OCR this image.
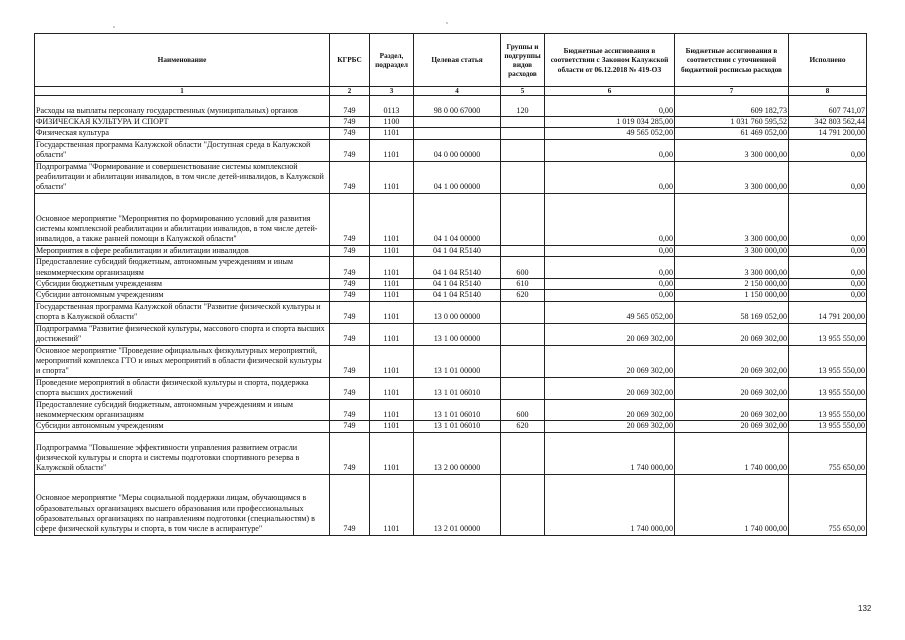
Наименование	КГРБС	Раздел, подраздел	Целевая статья	Группы и подгруппы видов расходов	Бюджетные ассигнования в соответствии с Законом Калужской области от 06.12.2018 № 419-ОЗ	Бюджетные ассигнования в соответствии с уточненной бюджетной росписью расходов	Исполнено
1	2	3	4	5	6	7	8
Расходы на выплаты персоналу государственных (муниципальных) органов	749	0113	98 0 00 67000	120	0,00	609 182,73	607 741,07
ФИЗИЧЕСКАЯ КУЛЬТУРА И СПОРТ	749	1100			1 019 034 285,00	1 031 760 595,52	342 803 562,44
Физическая культура	749	1101			49 565 052,00	61 469 052,00	14 791 200,00
Государственная программа Калужской области "Доступная среда в Калужской области"	749	1101	04 0 00 00000		0,00	3 300 000,00	0,00
Подпрограмма "Формирование и совершенствование системы комплексной реабилитации и абилитации инвалидов, в том числе детей-инвалидов, в Калужской области"	749	1101	04 1 00 00000		0,00	3 300 000,00	0,00
Основное мероприятие "Мероприятия по формированию условий для развития системы комплексной реабилитации и абилитации инвалидов, в том числе детей-инвалидов, а также ранней помощи в Калужской области"	749	1101	04 1 04 00000		0,00	3 300 000,00	0,00
Мероприятия в сфере реабилитации и абилитации инвалидов	749	1101	04 1 04 R5140		0,00	3 300 000,00	0,00
Предоставление субсидий бюджетным, автономным учреждениям и иным некоммерческим организациям	749	1101	04 1 04 R5140	600	0,00	3 300 000,00	0,00
Субсидии бюджетным учреждениям	749	1101	04 1 04 R5140	610	0,00	2 150 000,00	0,00
Субсидии автономным учреждениям	749	1101	04 1 04 R5140	620	0,00	1 150 000,00	0,00
Государственная программа Калужской области "Развитие физической культуры и спорта в Калужской области"	749	1101	13 0 00 00000		49 565 052,00	58 169 052,00	14 791 200,00
Подпрограмма "Развитие физической культуры, массового спорта и спорта высших достижений"	749	1101	13 1 00 00000		20 069 302,00	20 069 302,00	13 955 550,00
Основное мероприятие "Проведение официальных физкультурных мероприятий, мероприятий комплекса ГТО и иных мероприятий в области физической культуры и спорта"	749	1101	13 1 01 00000		20 069 302,00	20 069 302,00	13 955 550,00
Проведение мероприятий в области физической культуры и спорта, поддержка спорта высших достижений	749	1101	13 1 01 06010		20 069 302,00	20 069 302,00	13 955 550,00
Предоставление субсидий бюджетным, автономным учреждениям и иным некоммерческим организациям	749	1101	13 1 01 06010	600	20 069 302,00	20 069 302,00	13 955 550,00
Субсидии автономным учреждениям	749	1101	13 1 01 06010	620	20 069 302,00	20 069 302,00	13 955 550,00
Подпрограмма "Повышение эффективности управления развитием отрасли физической культуры и спорта и системы подготовки спортивного резерва в Калужской области"	749	1101	13 2 00 00000		1 740 000,00	1 740 000,00	755 650,00
Основное мероприятие "Меры социальной поддержки лицам, обучающимся в образовательных организациях высшего образования или профессиональных образовательных организациях по направлениям подготовки (специальностям) в сфере физической культуры и спорта, в том числе в аспирантуре"	749	1101	13 2 01 00000		1 740 000,00	1 740 000,00	755 650,00
132
